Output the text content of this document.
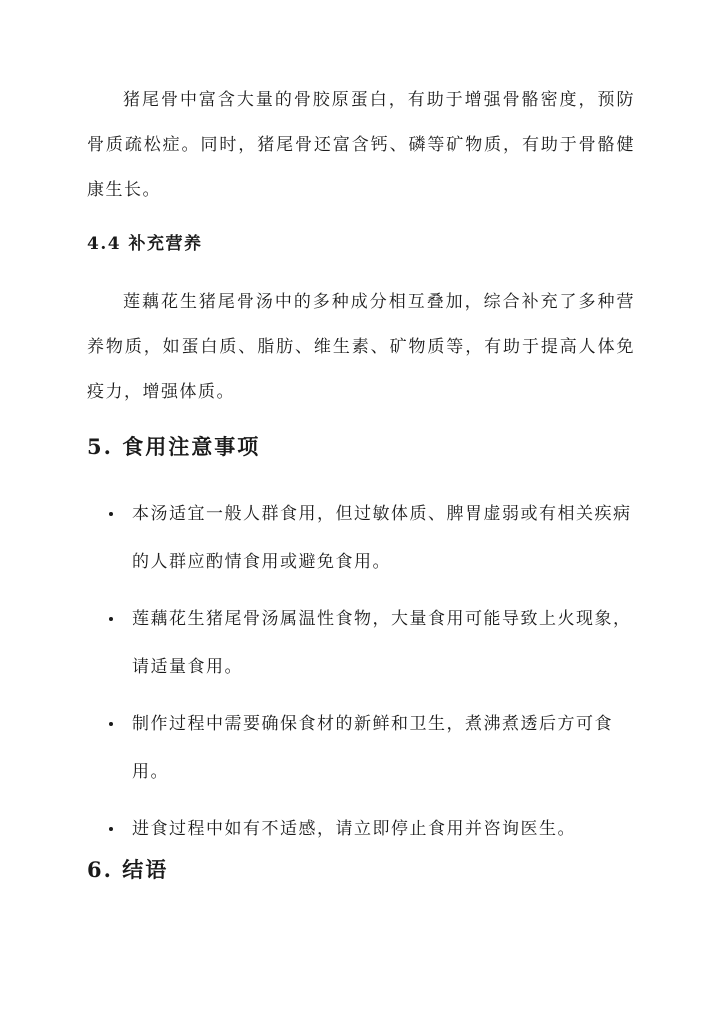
猪尾骨中富含大量的骨胶原蛋白，有助于增强骨骼密度，预防骨质疏松症。同时，猪尾骨还富含钙、磷等矿物质，有助于骨骼健康生长。

4.4 补充营养

莲藕花生猪尾骨汤中的多种成分相互叠加，综合补充了多种营养物质，如蛋白质、脂肪、维生素、矿物质等，有助于提高人体免疫力，增强体质。

5. 食用注意事项
本汤适宜一般人群食用，但过敏体质、脾胃虚弱或有相关疾病的人群应酌情食用或避免食用。
莲藕花生猪尾骨汤属温性食物，大量食用可能导致上火现象，请适量食用。
制作过程中需要确保食材的新鲜和卫生，煮沸煮透后方可食用。
进食过程中如有不适感，请立即停止食用并咨询医生。
6. 结语
